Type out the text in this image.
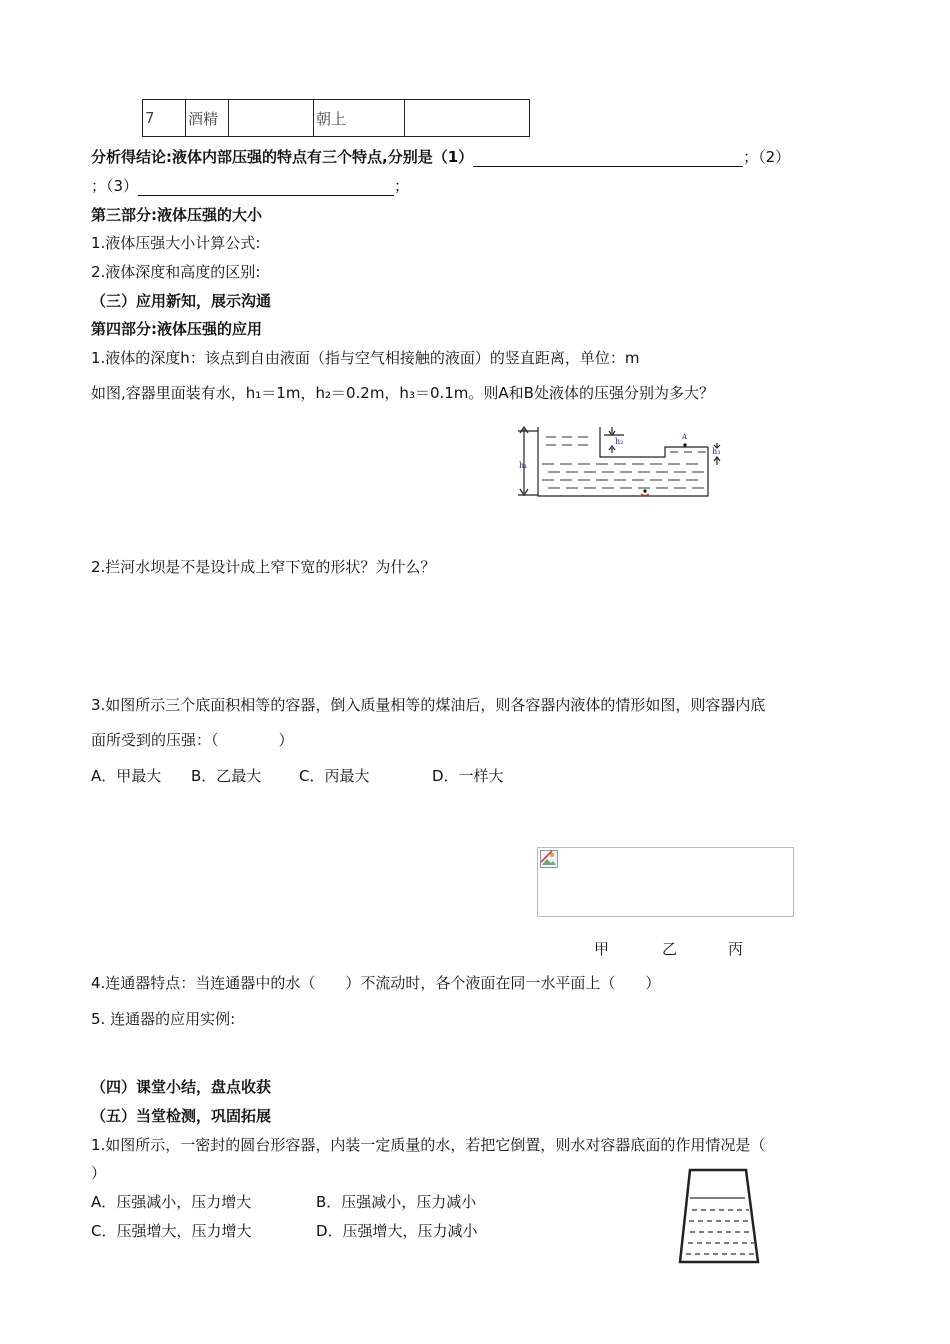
7	酒精		朝上	
分析得结论:液体内部压强的特点有三个特点,分别是（1）	；（2）
；（3）	；
第三部分:液体压强的大小
1.液体压强大小计算公式:
2.液体深度和高度的区别:
（三）应用新知，展示沟通
第四部分:液体压强的应用
1.液体的深度h：该点到自由液面（指与空气相接触的液面）的竖直距离，单位：m
如图,容器里面装有水，h₁＝1m，h₂＝0.2m，h₃＝0.1m。则A和B处液体的压强分别为多大？
h₁
h₂
h₃
A
2.拦河水坝是不是设计成上窄下宽的形状？为什么？
3.如图所示三个底面积相等的容器，倒入质量相等的煤油后，则各容器内液体的情形如图，则容器内底
面所受到的压强：（　　　　）
A．甲最大 B．乙最大	C．丙最大	D．一样大
甲	乙	丙
4.连通器特点：当连通器中的水（　　）不流动时，各个液面在同一水平面上（　　）
5. 连通器的应用实例:
（四）课堂小结，盘点收获
（五）当堂检测，巩固拓展
1.如图所示，一密封的圆台形容器，内装一定质量的水，若把它倒置，则水对容器底面的作用情况是（
）
A．压强减小，压力增大	B．压强减小，压力减小
C．压强增大，压力增大	D．压强增大，压力减小
